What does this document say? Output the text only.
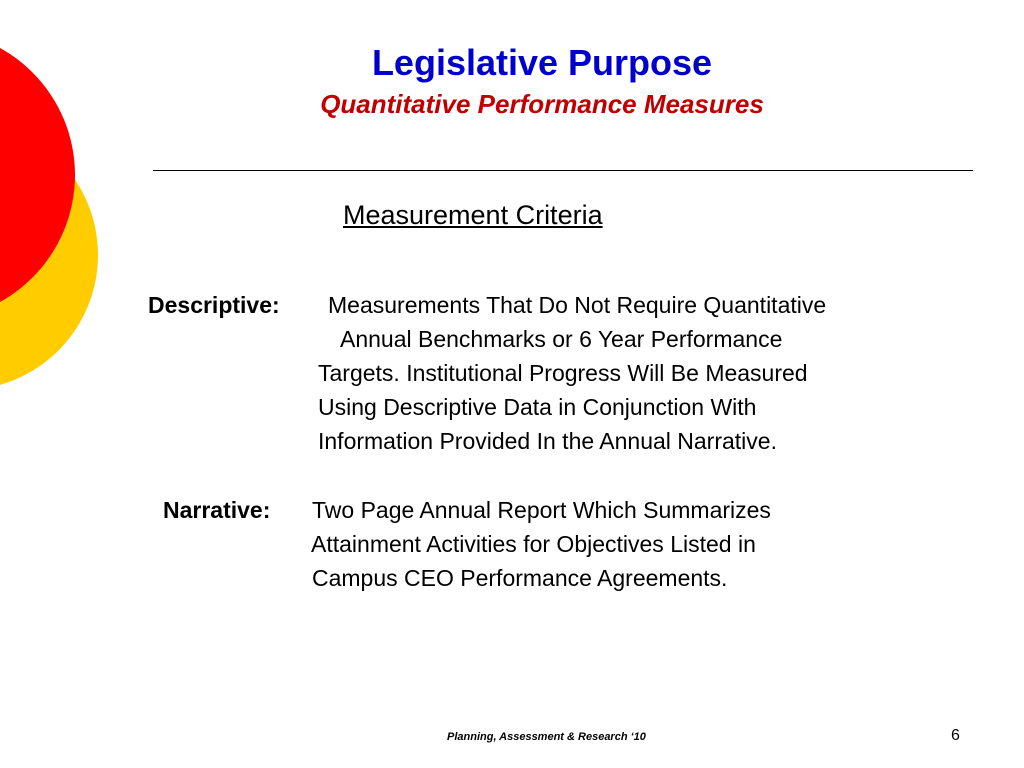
Legislative Purpose
Quantitative Performance Measures
Measurement Criteria
Descriptive: Measurements That Do Not Require Quantitative
Annual Benchmarks or 6 Year Performance
Targets. Institutional Progress Will Be Measured
Using Descriptive Data in Conjunction With
Information Provided In the Annual Narrative.
Narrative: Two Page Annual Report Which Summarizes
Attainment Activities for Objectives Listed in
Campus CEO Performance Agreements.
Planning, Assessment & Research ‘10	6
